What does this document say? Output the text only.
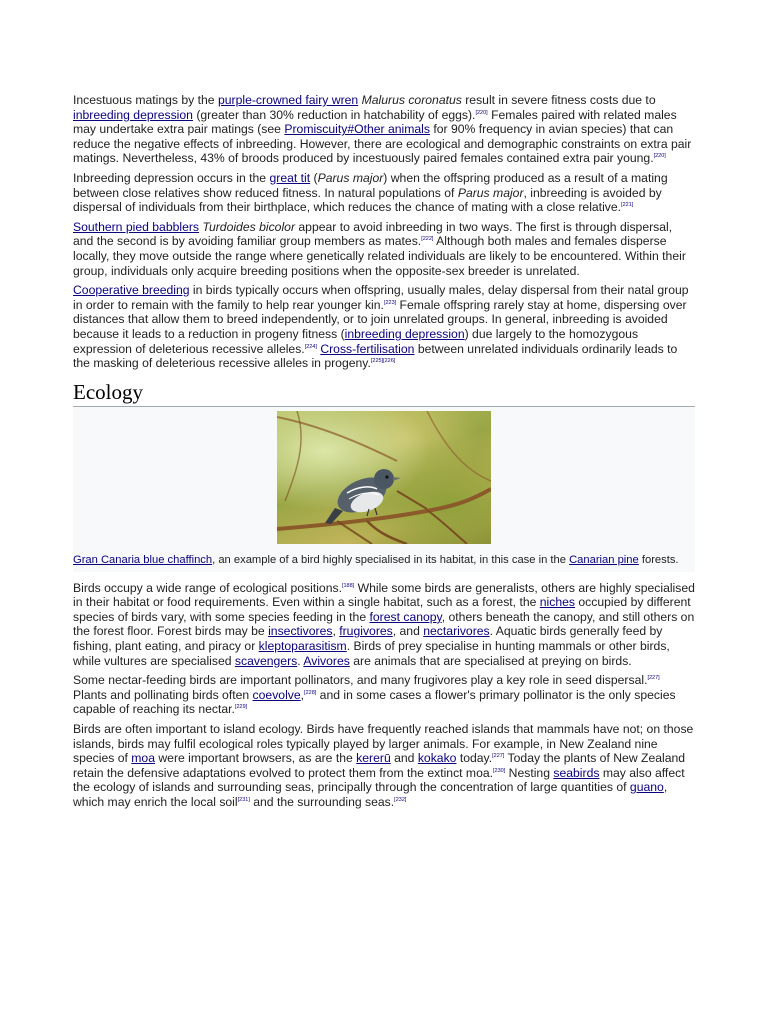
Incestuous matings by the purple-crowned fairy wren Malurus coronatus result in severe fitness costs due to inbreeding depression (greater than 30% reduction in hatchability of eggs).[220] Females paired with related males may undertake extra pair matings (see Promiscuity#Other animals for 90% frequency in avian species) that can reduce the negative effects of inbreeding. However, there are ecological and demographic constraints on extra pair matings. Nevertheless, 43% of broods produced by incestuously paired females contained extra pair young.[220]

Inbreeding depression occurs in the great tit (Parus major) when the offspring produced as a result of a mating between close relatives show reduced fitness. In natural populations of Parus major, inbreeding is avoided by dispersal of individuals from their birthplace, which reduces the chance of mating with a close relative.[221]

Southern pied babblers Turdoides bicolor appear to avoid inbreeding in two ways. The first is through dispersal, and the second is by avoiding familiar group members as mates.[222] Although both males and females disperse locally, they move outside the range where genetically related individuals are likely to be encountered. Within their group, individuals only acquire breeding positions when the opposite-sex breeder is unrelated.

Cooperative breeding in birds typically occurs when offspring, usually males, delay dispersal from their natal group in order to remain with the family to help rear younger kin.[223] Female offspring rarely stay at home, dispersing over distances that allow them to breed independently, or to join unrelated groups. In general, inbreeding is avoided because it leads to a reduction in progeny fitness (inbreeding depression) due largely to the homozygous expression of deleterious recessive alleles.[224] Cross-fertilisation between unrelated individuals ordinarily leads to the masking of deleterious recessive alleles in progeny.[225][226]

Ecology
Gran Canaria blue chaffinch, an example of a bird highly specialised in its habitat, in this case in the Canarian pine forests.

Birds occupy a wide range of ecological positions.[188] While some birds are generalists, others are highly specialised in their habitat or food requirements. Even within a single habitat, such as a forest, the niches occupied by different species of birds vary, with some species feeding in the forest canopy, others beneath the canopy, and still others on the forest floor. Forest birds may be insectivores, frugivores, and nectarivores. Aquatic birds generally feed by fishing, plant eating, and piracy or kleptoparasitism. Birds of prey specialise in hunting mammals or other birds, while vultures are specialised scavengers. Avivores are animals that are specialised at preying on birds.

Some nectar-feeding birds are important pollinators, and many frugivores play a key role in seed dispersal.[227] Plants and pollinating birds often coevolve,[228] and in some cases a flower's primary pollinator is the only species capable of reaching its nectar.[229]

Birds are often important to island ecology. Birds have frequently reached islands that mammals have not; on those islands, birds may fulfil ecological roles typically played by larger animals. For example, in New Zealand nine species of moa were important browsers, as are the kererū and kokako today.[227] Today the plants of New Zealand retain the defensive adaptations evolved to protect them from the extinct moa.[230] Nesting seabirds may also affect the ecology of islands and surrounding seas, principally through the concentration of large quantities of guano, which may enrich the local soil[231] and the surrounding seas.[232]
